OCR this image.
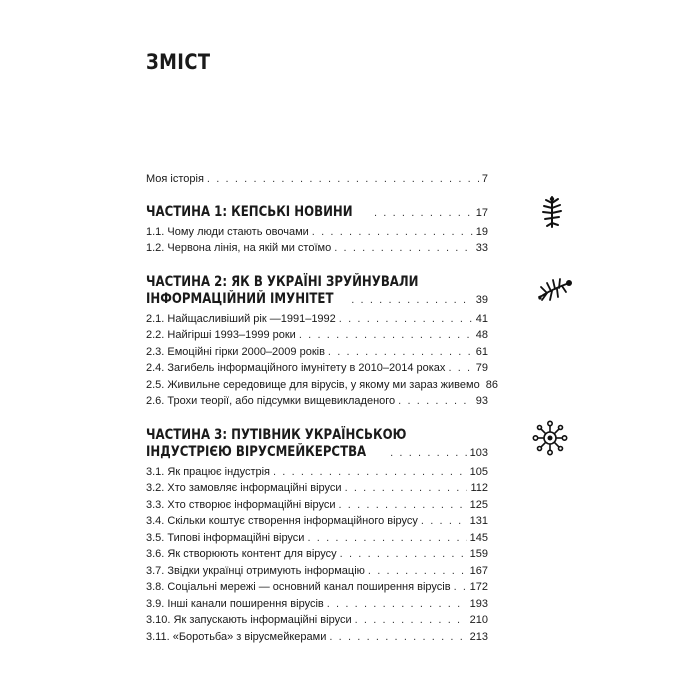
ЗМІСТ
Моя історія . . .	7
ЧАСТИНА 1: КЕПСЬКІ НОВИНИ . . .	17
1.1. Чому люди стають овочами . . .	19
1.2. Червона лінія, на якій ми стоїмо . . .	33
ЧАСТИНА 2: ЯК В УКРАЇНІ ЗРУЙНУВАЛИ
ІНФОРМАЦІЙНИЙ ІМУНІТЕТ . . .	39
2.1. Найщасливіший рік —1991–1992 . . .	41
2.2. Найгірші 1993–1999 роки . . .	48
2.3. Емоційні гірки 2000–2009 років . . .	61
2.4. Загибель інформаційного імунітету в 2010–2014 роках . . .	79
2.5. Живильне середовище для вірусів, у якому ми зараз живемо 86
2.6. Трохи теорії, або підсумки вищевикладеного . . .	93
ЧАСТИНА 3: ПУТІВНИК УКРАЇНСЬКОЮ
ІНДУСТРІЄЮ ВІРУСМЕЙКЕРСТВА . . .	103
3.1. Як працює індустрія . . .	105
3.2. Хто замовляє інформаційні віруси . . .	112
3.3. Хто створює інформаційні віруси . . .	125
3.4. Скільки коштує створення інформаційного вірусу . . .	131
3.5. Типові інформаційні віруси . . .	145
3.6. Як створюють контент для вірусу . . .	159
3.7. Звідки українці отримують інформацію . . .	167
3.8. Соціальні мережі — основний канал поширення вірусів . . . 172
3.9. Інші канали поширення вірусів . . .	193
3.10. Як запускають інформаційні віруси . . .	210
3.11. «Боротьба» з вірусмейкерами . . .	213
